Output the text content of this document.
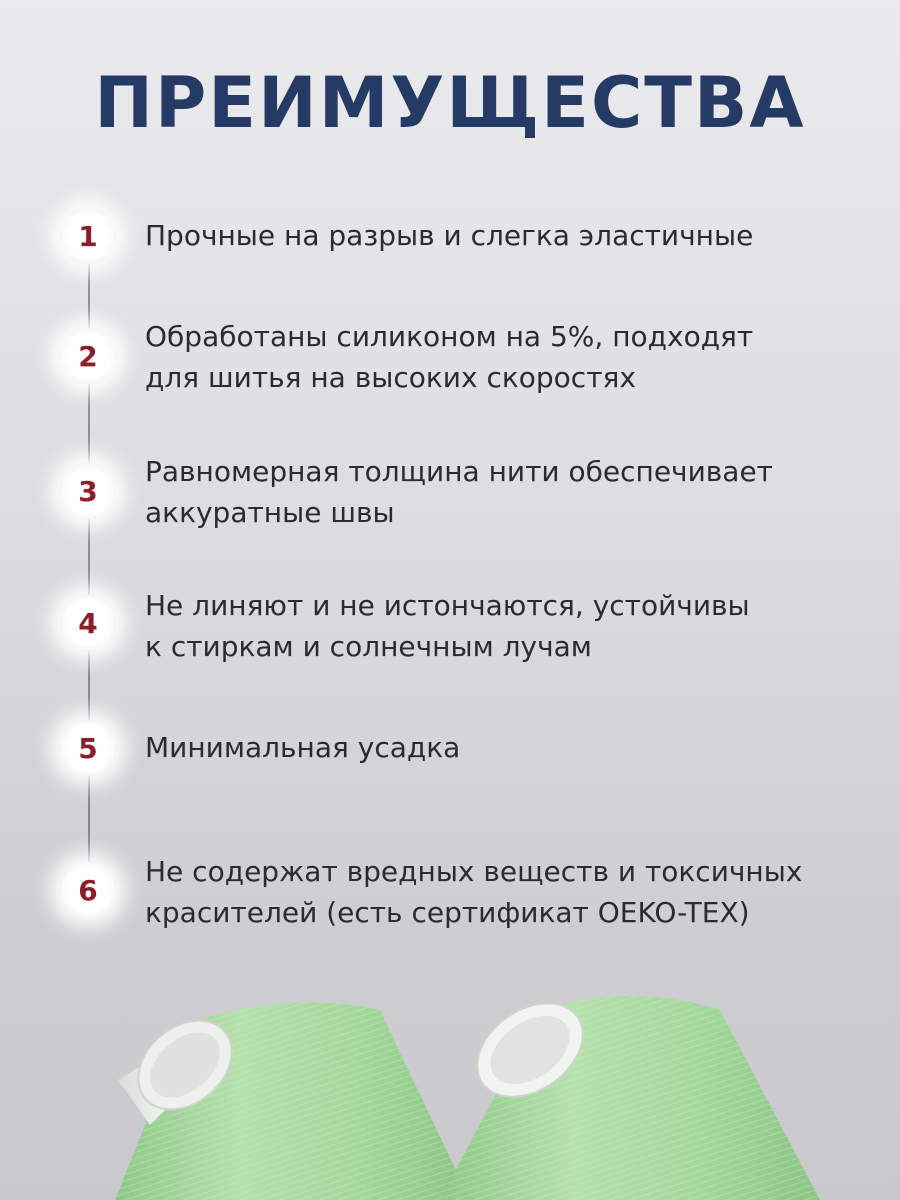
ПРЕИМУЩЕСТВА
1	Прочные на разрыв и слегка эластичные
2
Обработаны силиконом на 5%, подходят
для шитья на высоких скоростях
3
Равномерная толщина нити обеспечивает
аккуратные швы
4
Не линяют и не истончаются, устойчивы
к стиркам и солнечным лучам
5	Минимальная усадка
6
Не содержат вредных веществ и токсичных
красителей (есть сертификат OEKO-TEX)
